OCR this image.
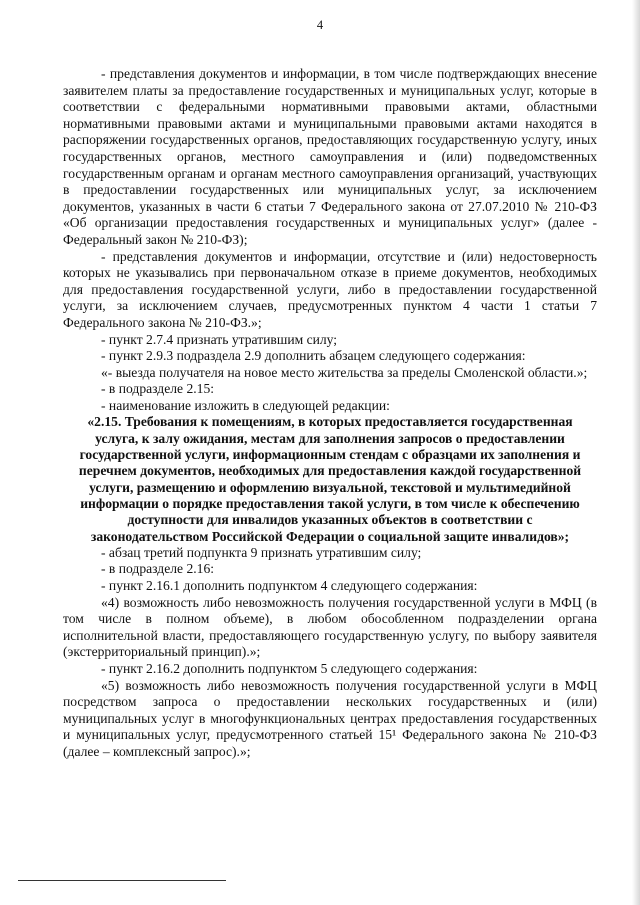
4

- представления документов и информации, в том числе подтверждающих внесение заявителем платы за предоставление государственных и муниципальных услуг, которые в соответствии с федеральными нормативными правовыми актами, областными нормативными правовыми актами и муниципальными правовыми актами находятся в распоряжении государственных органов, предоставляющих государственную услугу, иных государственных органов, местного самоуправления и (или) подведомственных государственным органам и органам местного самоуправления организаций, участвующих в предоставлении государственных или муниципальных услуг, за исключением документов, указанных в части 6 статьи 7 Федерального закона от 27.07.2010 № 210-ФЗ «Об организации предоставления государственных и муниципальных услуг» (далее - Федеральный закон № 210-ФЗ);

- представления документов и информации, отсутствие и (или) недостоверность которых не указывались при первоначальном отказе в приеме документов, необходимых для предоставления государственной услуги, либо в предоставлении государственной услуги, за исключением случаев, предусмотренных пунктом 4 части 1 статьи 7 Федерального закона № 210-ФЗ.»;

- пункт 2.7.4 признать утратившим силу;

- пункт 2.9.3 подраздела 2.9 дополнить абзацем следующего содержания:

«- выезда получателя на новое место жительства за пределы Смоленской области.»;

- в подразделе 2.15:

- наименование изложить в следующей редакции:

«2.15. Требования к помещениям, в которых предоставляется государственная услуга, к залу ожидания, местам для заполнения запросов о предоставлении государственной услуги, информационным стендам с образцами их заполнения и перечнем документов, необходимых для предоставления каждой государственной услуги, размещению и оформлению визуальной, текстовой и мультимедийной информации о порядке предоставления такой услуги, в том числе к обеспечению доступности для инвалидов указанных объектов в соответствии с законодательством Российской Федерации о социальной защите инвалидов»;

- абзац третий подпункта 9 признать утратившим силу;

- в подразделе 2.16:

- пункт 2.16.1 дополнить подпунктом 4 следующего содержания:

«4) возможность либо невозможность получения государственной услуги в МФЦ (в том числе в полном объеме), в любом обособленном подразделении органа исполнительной власти, предоставляющего государственную услугу, по выбору заявителя (экстерриториальный принцип).»;

- пункт 2.16.2 дополнить подпунктом 5 следующего содержания:

«5) возможность либо невозможность получения государственной услуги в МФЦ посредством запроса о предоставлении нескольких государственных и (или) муниципальных услуг в многофункциональных центрах предоставления государственных и муниципальных услуг, предусмотренного статьей 15¹ Федерального закона № 210-ФЗ (далее – комплексный запрос).»;
